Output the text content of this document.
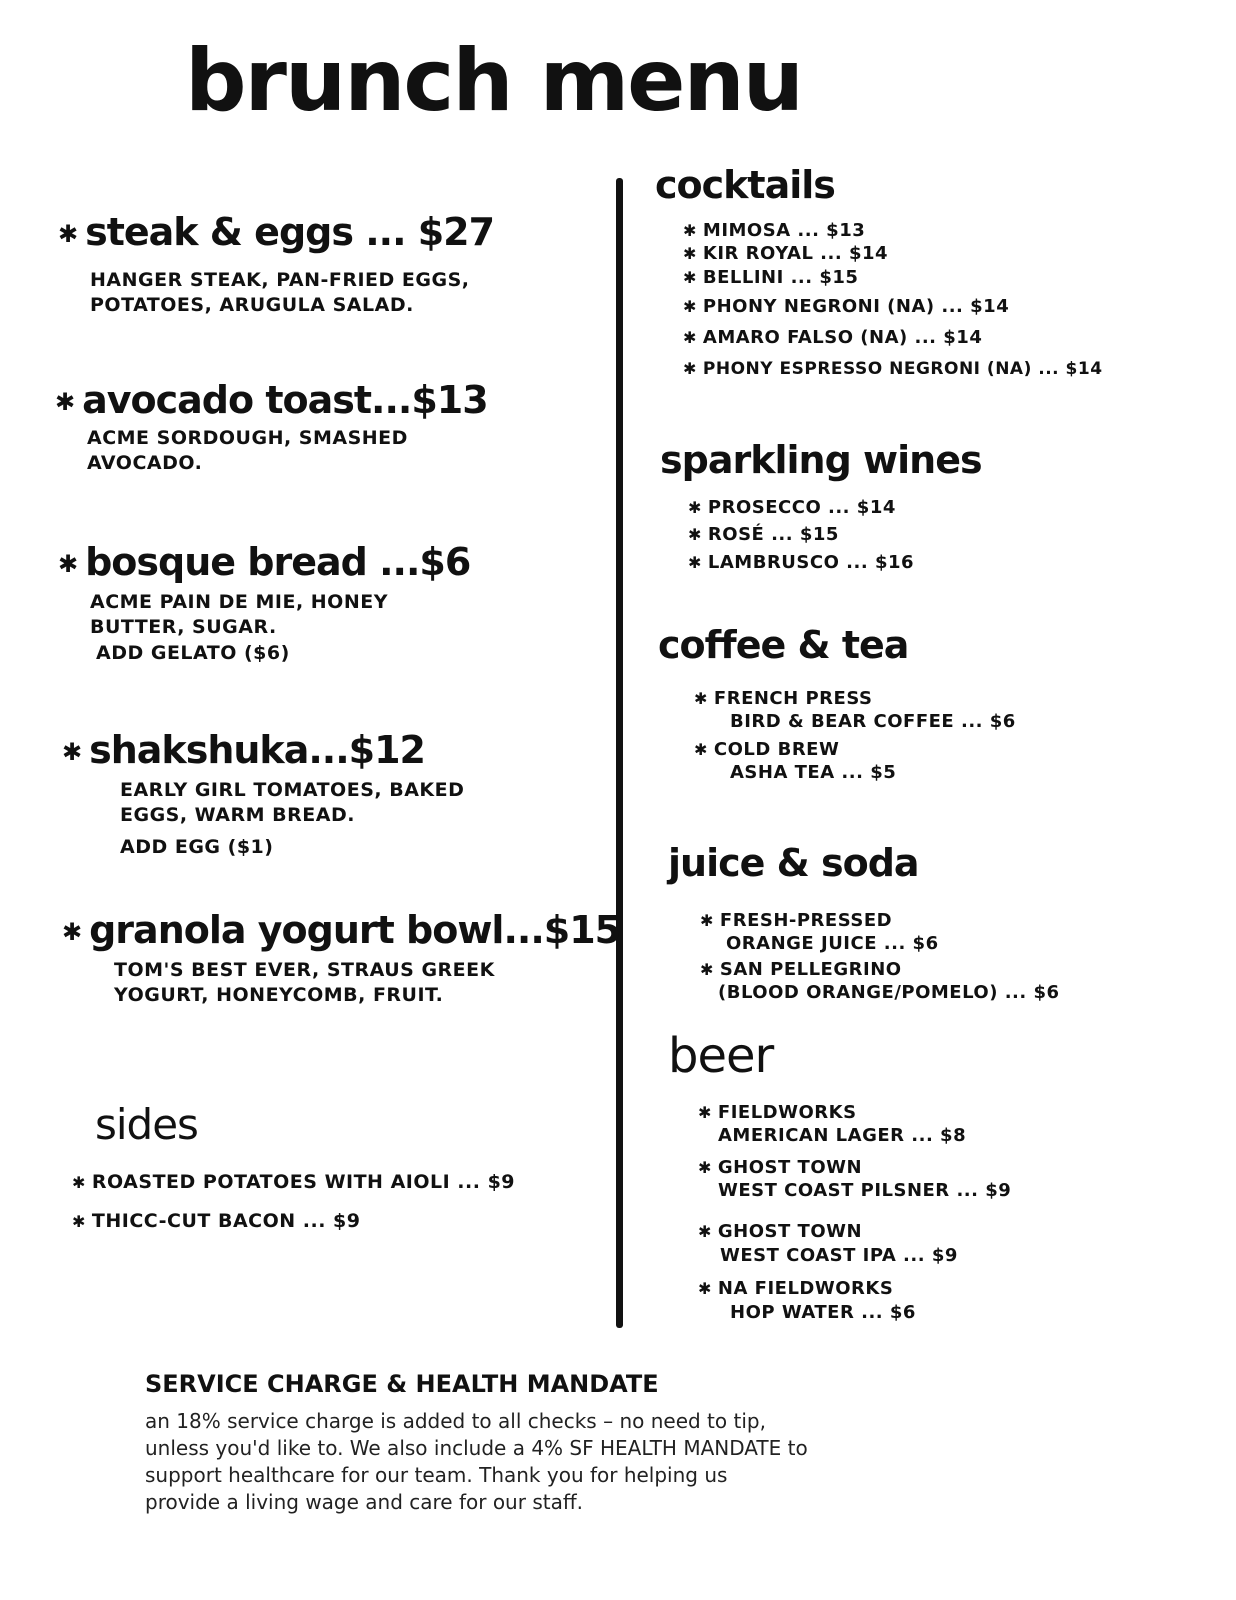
brunch menu
✱ steak & eggs ... $27
HANGER STEAK, PAN-FRIED EGGS,
POTATOES, ARUGULA SALAD.
✱ avocado toast...$13
ACME SORDOUGH, SMASHED
AVOCADO.
✱ bosque bread ...$6
ACME PAIN DE MIE, HONEY
BUTTER, SUGAR.
ADD GELATO ($6)
✱ shakshuka...$12
EARLY GIRL TOMATOES, BAKED
EGGS, WARM BREAD.
ADD EGG ($1)
✱ granola yogurt bowl...$15
TOM'S BEST EVER, STRAUS GREEK
YOGURT, HONEYCOMB, FRUIT.
sides
✱ ROASTED POTATOES WITH AIOLI ... $9
✱ THICC-CUT BACON ... $9
cocktails
✱ MIMOSA ... $13
✱ KIR ROYAL ... $14
✱ BELLINI ... $15
✱ PHONY NEGRONI (NA) ... $14
✱ AMARO FALSO (NA) ... $14
✱ PHONY ESPRESSO NEGRONI (NA) ... $14
sparkling wines
✱ PROSECCO ... $14
✱ ROSÉ ... $15
✱ LAMBRUSCO ... $16
coffee & tea
✱ FRENCH PRESS
BIRD & BEAR COFFEE ... $6
✱ COLD BREW
ASHA TEA ... $5
juice & soda
✱ FRESH-PRESSED
ORANGE JUICE ... $6
✱ SAN PELLEGRINO
(BLOOD ORANGE/POMELO) ... $6
beer
✱ FIELDWORKS
AMERICAN LAGER ... $8
✱ GHOST TOWN
WEST COAST PILSNER ... $9
✱ GHOST TOWN
WEST COAST IPA ... $9
✱ NA FIELDWORKS
HOP WATER ... $6
SERVICE CHARGE & HEALTH MANDATE
an 18% service charge is added to all checks – no need to tip,
unless you'd like to. We also include a 4% SF HEALTH MANDATE to
support healthcare for our team. Thank you for helping us
provide a living wage and care for our staff.
